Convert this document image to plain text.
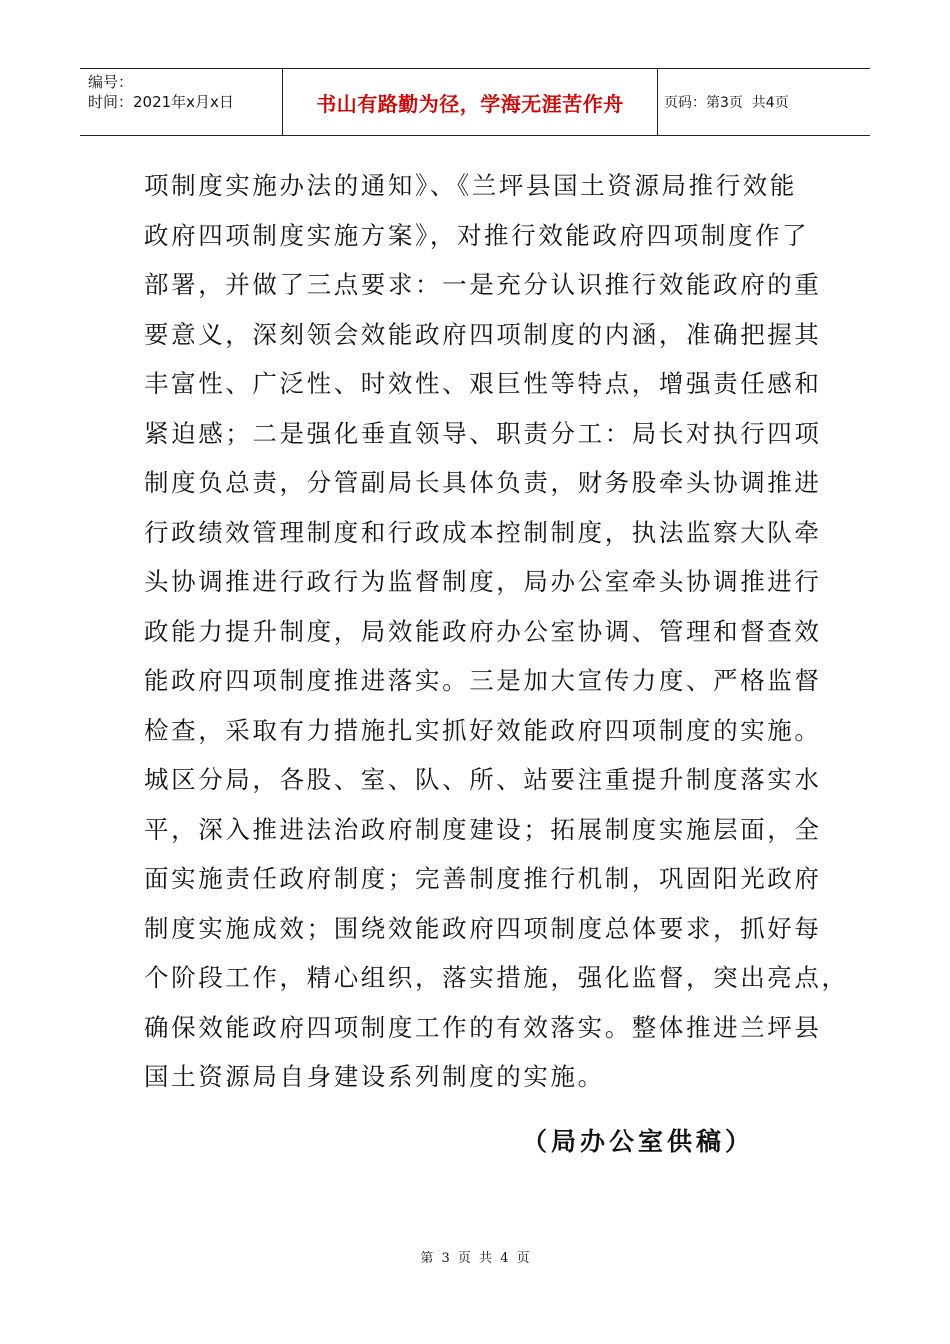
编号：
时间：2021年x月x日	书山有路勤为径，学海无涯苦作舟	页码：第3页  共4页
项制度实施办法的通知》、《兰坪县国土资源局推行效能
政府四项制度实施方案》，对推行效能政府四项制度作了
部署，并做了三点要求：一是充分认识推行效能政府的重
要意义，深刻领会效能政府四项制度的内涵，准确把握其
丰富性、广泛性、时效性、艰巨性等特点，增强责任感和
紧迫感；二是强化垂直领导、职责分工：局长对执行四项
制度负总责，分管副局长具体负责，财务股牵头协调推进
行政绩效管理制度和行政成本控制制度，执法监察大队牵
头协调推进行政行为监督制度，局办公室牵头协调推进行
政能力提升制度，局效能政府办公室协调、管理和督查效
能政府四项制度推进落实。三是加大宣传力度、严格监督
检查，采取有力措施扎实抓好效能政府四项制度的实施。
城区分局，各股、室、队、所、站要注重提升制度落实水
平，深入推进法治政府制度建设；拓展制度实施层面，全
面实施责任政府制度；完善制度推行机制，巩固阳光政府
制度实施成效；围绕效能政府四项制度总体要求，抓好每
个阶段工作，精心组织，落实措施，强化监督，突出亮点，
确保效能政府四项制度工作的有效落实。整体推进兰坪县
国土资源局自身建设系列制度的实施。
（局办公室供稿）
第 3 页 共 4 页
